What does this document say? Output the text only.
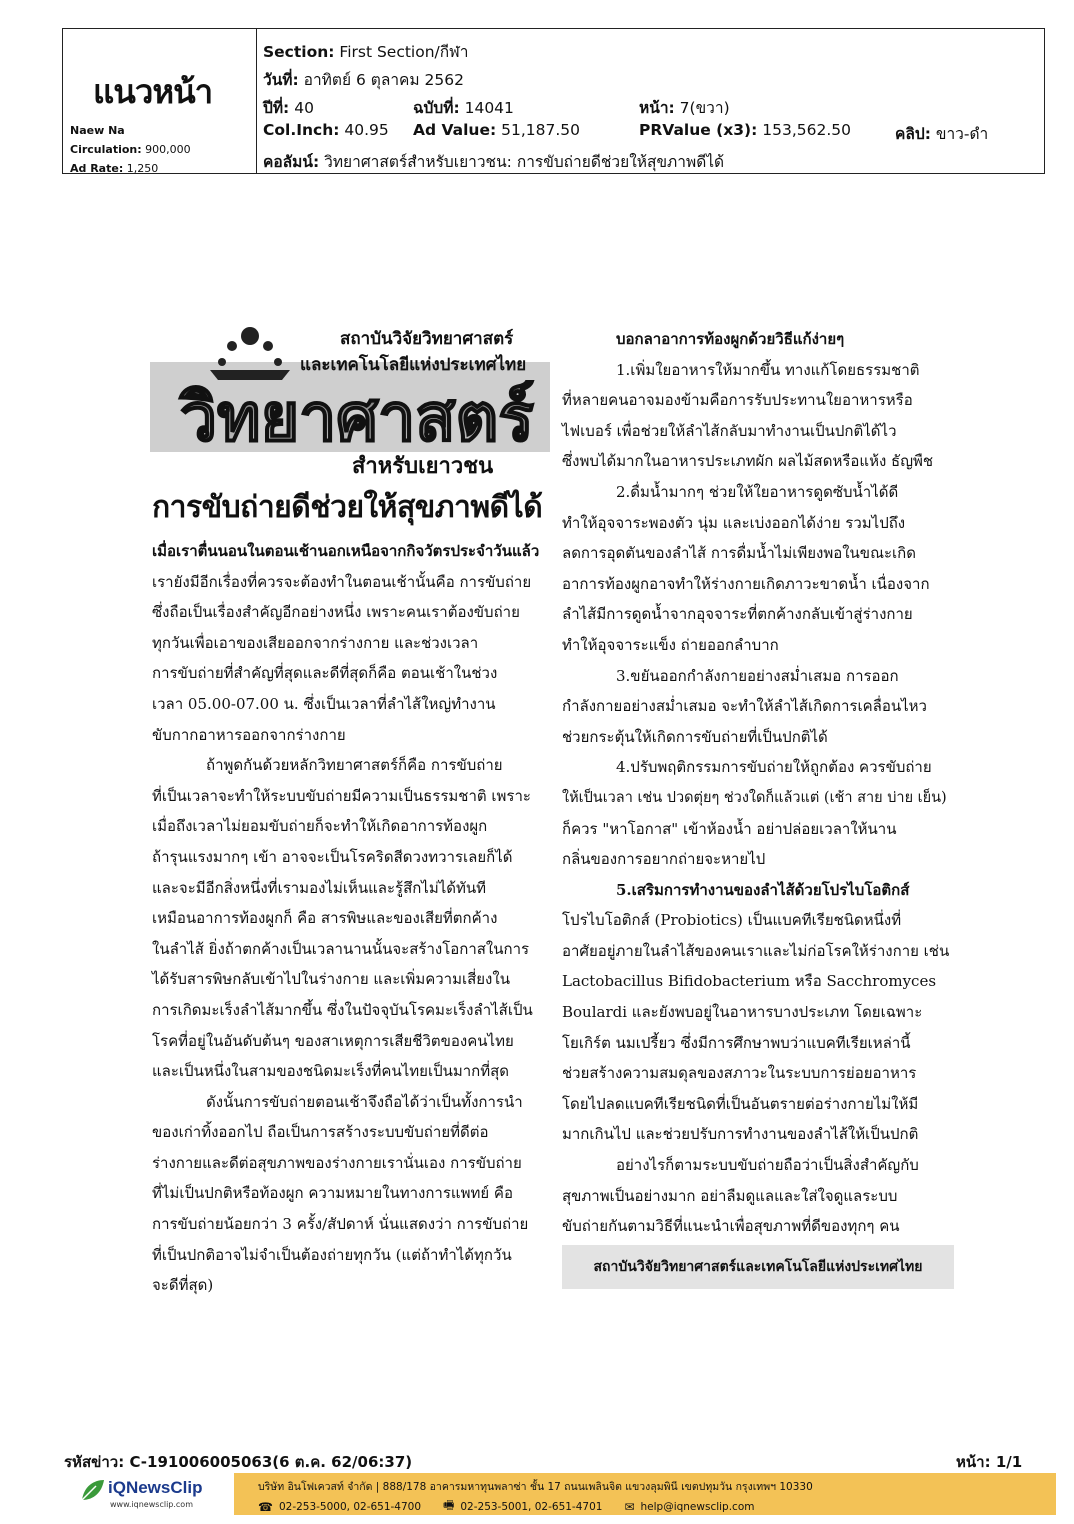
แนวหน้า
Naew Na
Circulation: 900,000
Ad Rate: 1,250
Section: First Section/กีฬา
วันที่: อาทิตย์ 6 ตุลาคม 2562
ปีที่: 40	ฉบับที่: 14041	หน้า: 7(ขวา)
Col.Inch: 40.95 Ad Value: 51,187.50	PRValue (x3): 153,562.50	คลิป: ขาว-ดำ
คอลัมน์: วิทยาศาสตร์สำหรับเยาวชน: การขับถ่ายดีช่วยให้สุขภาพดีได้
วิทยาศาสตร์
สถาบันวิจัยวิทยาศาสตร์
และเทคโนโลยีแห่งประเทศไทย
สำหรับเยาวชน
การขับถ่ายดีช่วยให้สุขภาพดีได้

เมื่อเราตื่นนอนในตอนเช้านอกเหนือจากกิจวัตรประจำวันแล้ว

เรายังมีอีกเรื่องที่ควรจะต้องทำในตอนเช้านั้นคือ การขับถ่าย

ซึ่งถือเป็นเรื่องสำคัญอีกอย่างหนึ่ง เพราะคนเราต้องขับถ่าย

ทุกวันเพื่อเอาของเสียออกจากร่างกาย และช่วงเวลา

การขับถ่ายที่สำคัญที่สุดและดีที่สุดก็คือ ตอนเช้าในช่วง

เวลา 05.00-07.00 น. ซึ่งเป็นเวลาที่ลำไส้ใหญ่ทำงาน

ขับกากอาหารออกจากร่างกาย

ถ้าพูดกันด้วยหลักวิทยาศาสตร์ก็คือ การขับถ่าย

ที่เป็นเวลาจะทำให้ระบบขับถ่ายมีความเป็นธรรมชาติ เพราะ

เมื่อถึงเวลาไม่ยอมขับถ่ายก็จะทำให้เกิดอาการท้องผูก

ถ้ารุนแรงมากๆ เข้า อาจจะเป็นโรคริดสีดวงทวารเลยก็ได้

และจะมีอีกสิ่งหนึ่งที่เรามองไม่เห็นและรู้สึกไม่ได้ทันที

เหมือนอาการท้องผูกก็ คือ สารพิษและของเสียที่ตกค้าง

ในลำไส้ ยิ่งถ้าตกค้างเป็นเวลานานนั้นจะสร้างโอกาสในการ

ได้รับสารพิษกลับเข้าไปในร่างกาย และเพิ่มความเสี่ยงใน

การเกิดมะเร็งลำไส้มากขึ้น ซึ่งในปัจจุบันโรคมะเร็งลำไส้เป็น

โรคที่อยู่ในอันดับต้นๆ ของสาเหตุการเสียชีวิตของคนไทย

และเป็นหนึ่งในสามของชนิดมะเร็งที่คนไทยเป็นมากที่สุด

ดังนั้นการขับถ่ายตอนเช้าจึงถือได้ว่าเป็นทั้งการนำ

ของเก่าทิ้งออกไป ถือเป็นการสร้างระบบขับถ่ายที่ดีต่อ

ร่างกายและดีต่อสุขภาพของร่างกายเรานั่นเอง การขับถ่าย

ที่ไม่เป็นปกติหรือท้องผูก ความหมายในทางการแพทย์ คือ

การขับถ่ายน้อยกว่า 3 ครั้ง/สัปดาห์ นั่นแสดงว่า การขับถ่าย

ที่เป็นปกติอาจไม่จำเป็นต้องถ่ายทุกวัน (แต่ถ้าทำได้ทุกวัน

จะดีที่สุด)

บอกลาอาการท้องผูกด้วยวิธีแก้ง่ายๆ

1.เพิ่มใยอาหารให้มากขึ้น ทางแก้โดยธรรมชาติ

ที่หลายคนอาจมองข้ามคือการรับประทานใยอาหารหรือ

ไฟเบอร์ เพื่อช่วยให้ลำไส้กลับมาทำงานเป็นปกติได้ไว

ซึ่งพบได้มากในอาหารประเภทผัก ผลไม้สดหรือแห้ง ธัญพืช

2.ดื่มน้ำมากๆ ช่วยให้ใยอาหารดูดซับน้ำได้ดี

ทำให้อุจจาระพองตัว นุ่ม และเบ่งออกได้ง่าย รวมไปถึง

ลดการอุดตันของลำไส้ การดื่มน้ำไม่เพียงพอในขณะเกิด

อาการท้องผูกอาจทำให้ร่างกายเกิดภาวะขาดน้ำ เนื่องจาก

ลำไส้มีการดูดน้ำจากอุจจาระที่ตกค้างกลับเข้าสู่ร่างกาย

ทำให้อุจจาระแข็ง ถ่ายออกลำบาก

3.ขยันออกกำลังกายอย่างสม่ำเสมอ การออก

กำลังกายอย่างสม่ำเสมอ จะทำให้ลำไส้เกิดการเคลื่อนไหว

ช่วยกระตุ้นให้เกิดการขับถ่ายที่เป็นปกติได้

4.ปรับพฤติกรรมการขับถ่ายให้ถูกต้อง ควรขับถ่าย

ให้เป็นเวลา เช่น ปวดตุ่ยๆ ช่วงใดก็แล้วแต่ (เช้า สาย บ่าย เย็น)

ก็ควร "หาโอกาส" เข้าห้องน้ำ อย่าปล่อยเวลาให้นาน

กลิ่นของการอยากถ่ายจะหายไป

5.เสริมการทำงานของลำไส้ด้วยโปรไบโอติกส์

โปรไบโอติกส์ (Probiotics) เป็นแบคทีเรียชนิดหนึ่งที่

อาศัยอยู่ภายในลำไส้ของคนเราและไม่ก่อโรคให้ร่างกาย เช่น

Lactobacillus Bifidobacterium หรือ Sacchromyces

Boulardi และยังพบอยู่ในอาหารบางประเภท โดยเฉพาะ

โยเกิร์ต นมเปรี้ยว ซึ่งมีการศึกษาพบว่าแบคทีเรียเหล่านี้

ช่วยสร้างความสมดุลของสภาวะในระบบการย่อยอาหาร

โดยไปลดแบคทีเรียชนิดที่เป็นอันตรายต่อร่างกายไม่ให้มี

มากเกินไป และช่วยปรับการทำงานของลำไส้ให้เป็นปกติ

อย่างไรก็ตามระบบขับถ่ายถือว่าเป็นสิ่งสำคัญกับ

สุขภาพเป็นอย่างมาก อย่าลืมดูแลและใส่ใจดูแลระบบ

ขับถ่ายกันตามวิธีที่แนะนำเพื่อสุขภาพที่ดีของทุกๆ คน

สถาบันวิจัยวิทยาศาสตร์และเทคโนโลยีแห่งประเทศไทย
รหัสข่าว: C-191006005063(6 ต.ค. 62/06:37)	หน้า: 1/1
iQNewsClip
www.iqnewsclip.com
บริษัท อินโฟเควสท์ จำกัด | 888/178 อาคารมหาทุนพลาซ่า ชั้น 17 ถนนเพลินจิต แขวงลุมพินี เขตปทุมวัน กรุงเทพฯ 10330
☎ 02-253-5000, 02-651-4700 🖷 02-253-5001, 02-651-4701 ✉ help@iqnewsclip.com
